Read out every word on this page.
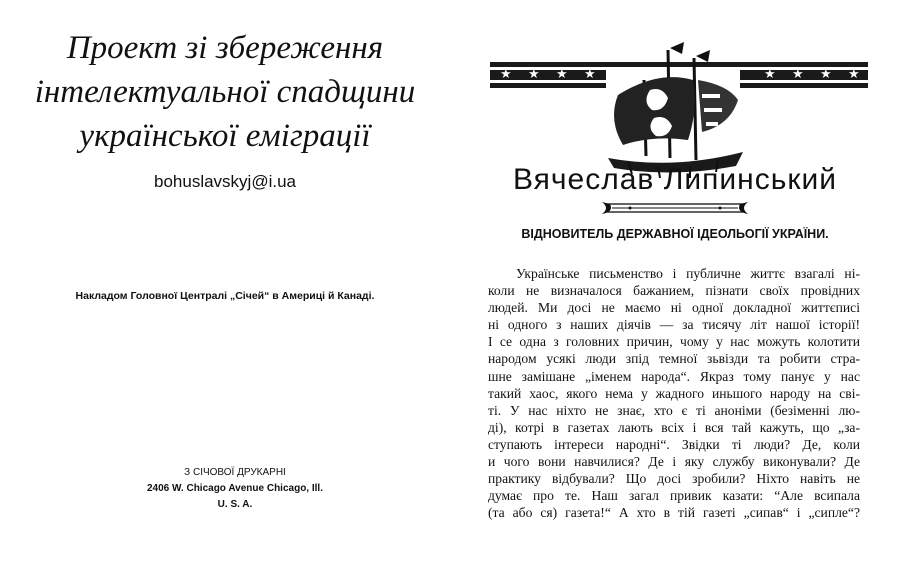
Проект зі збереження
інтелектуальної спадщини
української еміграції
bohuslavskyj@i.ua
Накладом Головної Централі „Січей“ в Америці й Канаді.
З СІЧОВОЇ ДРУКАРНІ
2406 W. Chicago Avenue Chicago, Ill.
U. S. A.
★ ★ ★ ★	★ ★ ★ ★
Вячеслав Липинський
ВІДНОВИТЕЛЬ ДЕРЖАВНОЇ ІДЕОЛЬОГІЇ УКРАЇНИ.

Українське письменство і публичне життє взагалі ні-
коли не визначалося бажанием, пізнати своїх провідних
людей. Ми досі не маємо ні одної докладної життєписі
ні одного з наших діячів — за тисячу літ нашої історії!
І се одна з головних причин, чому у нас можуть колотити
народом усякі люди зпід темної зьвізди та робити стра-
шне замішане „іменем народа“. Якраз тому панує у нас
такий хаос, якого нема у жадного иньшого народу на сві-
ті. У нас ніхто не знає, хто є ті аноніми (безіменні лю-
ді), котрі в газетах лають всіх і вся тай кажуть, що „за-
ступають інтереси народні“. Звідки ті люди? Де, коли
и чого вони навчилися? Де і яку службу виконували? Де
практику відбували? Що досі зробили? Ніхто навіть не
думає про те. Наш загал привик казати: “Але всипала
(та або ся) газета!“ А хто в тій газеті „сипав“ і „сипле“?
